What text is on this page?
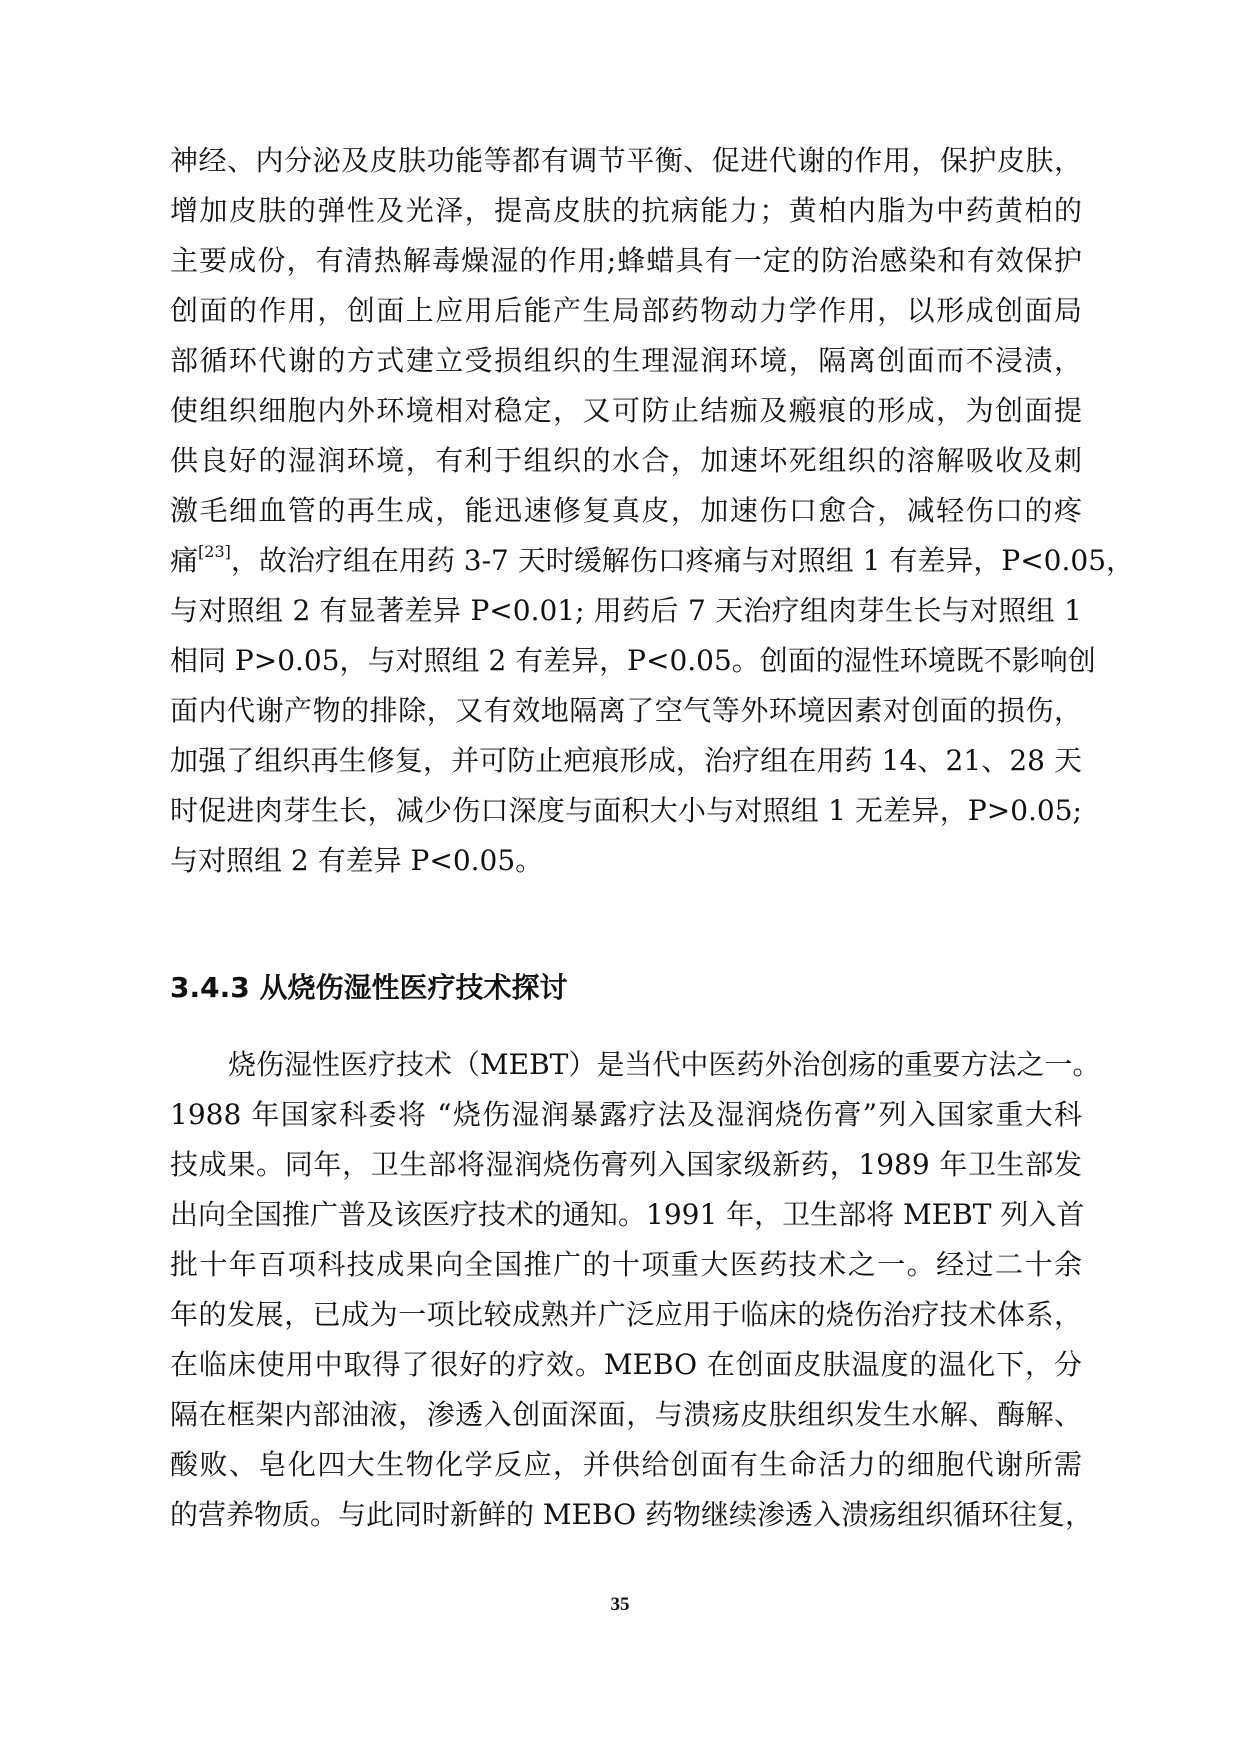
神经、内分泌及皮肤功能等都有调节平衡、促进代谢的作用，保护皮肤，
增加皮肤的弹性及光泽，提高皮肤的抗病能力；黄柏内脂为中药黄柏的
主要成份，有清热解毒燥湿的作用;蜂蜡具有一定的防治感染和有效保护
创面的作用，创面上应用后能产生局部药物动力学作用，以形成创面局
部循环代谢的方式建立受损组织的生理湿润环境，隔离创面而不浸渍，
使组织细胞内外环境相对稳定，又可防止结痂及瘢痕的形成，为创面提
供良好的湿润环境，有利于组织的水合，加速坏死组织的溶解吸收及刺
激毛细血管的再生成，能迅速修复真皮，加速伤口愈合，减轻伤口的疼
痛[23]，故治疗组在用药 3-7 天时缓解伤口疼痛与对照组 1 有差异，P<0.05，
与对照组 2 有显著差异 P<0.01; 用药后 7 天治疗组肉芽生长与对照组 1
相同 P>0.05，与对照组 2 有差异，P<0.05。创面的湿性环境既不影响创
面内代谢产物的排除，又有效地隔离了空气等外环境因素对创面的损伤，
加强了组织再生修复，并可防止疤痕形成，治疗组在用药 14、21、28 天
时促进肉芽生长，减少伤口深度与面积大小与对照组 1 无差异，P>0.05;
与对照组 2 有差异 P<0.05。
3.4.3 从烧伤湿性医疗技术探讨
烧伤湿性医疗技术（MEBT）是当代中医药外治创疡的重要方法之一。
1988 年国家科委将 “烧伤湿润暴露疗法及湿润烧伤膏”列入国家重大科
技成果。同年，卫生部将湿润烧伤膏列入国家级新药，1989 年卫生部发
出向全国推广普及该医疗技术的通知。1991 年，卫生部将 MEBT 列入首
批十年百项科技成果向全国推广的十项重大医药技术之一。经过二十余
年的发展，已成为一项比较成熟并广泛应用于临床的烧伤治疗技术体系，
在临床使用中取得了很好的疗效。MEBO 在创面皮肤温度的温化下，分
隔在框架内部油液，渗透入创面深面，与溃疡皮肤组织发生水解、酶解、
酸败、皂化四大生物化学反应，并供给创面有生命活力的细胞代谢所需
的营养物质。与此同时新鲜的 MEBO 药物继续渗透入溃疡组织循环往复，
35
